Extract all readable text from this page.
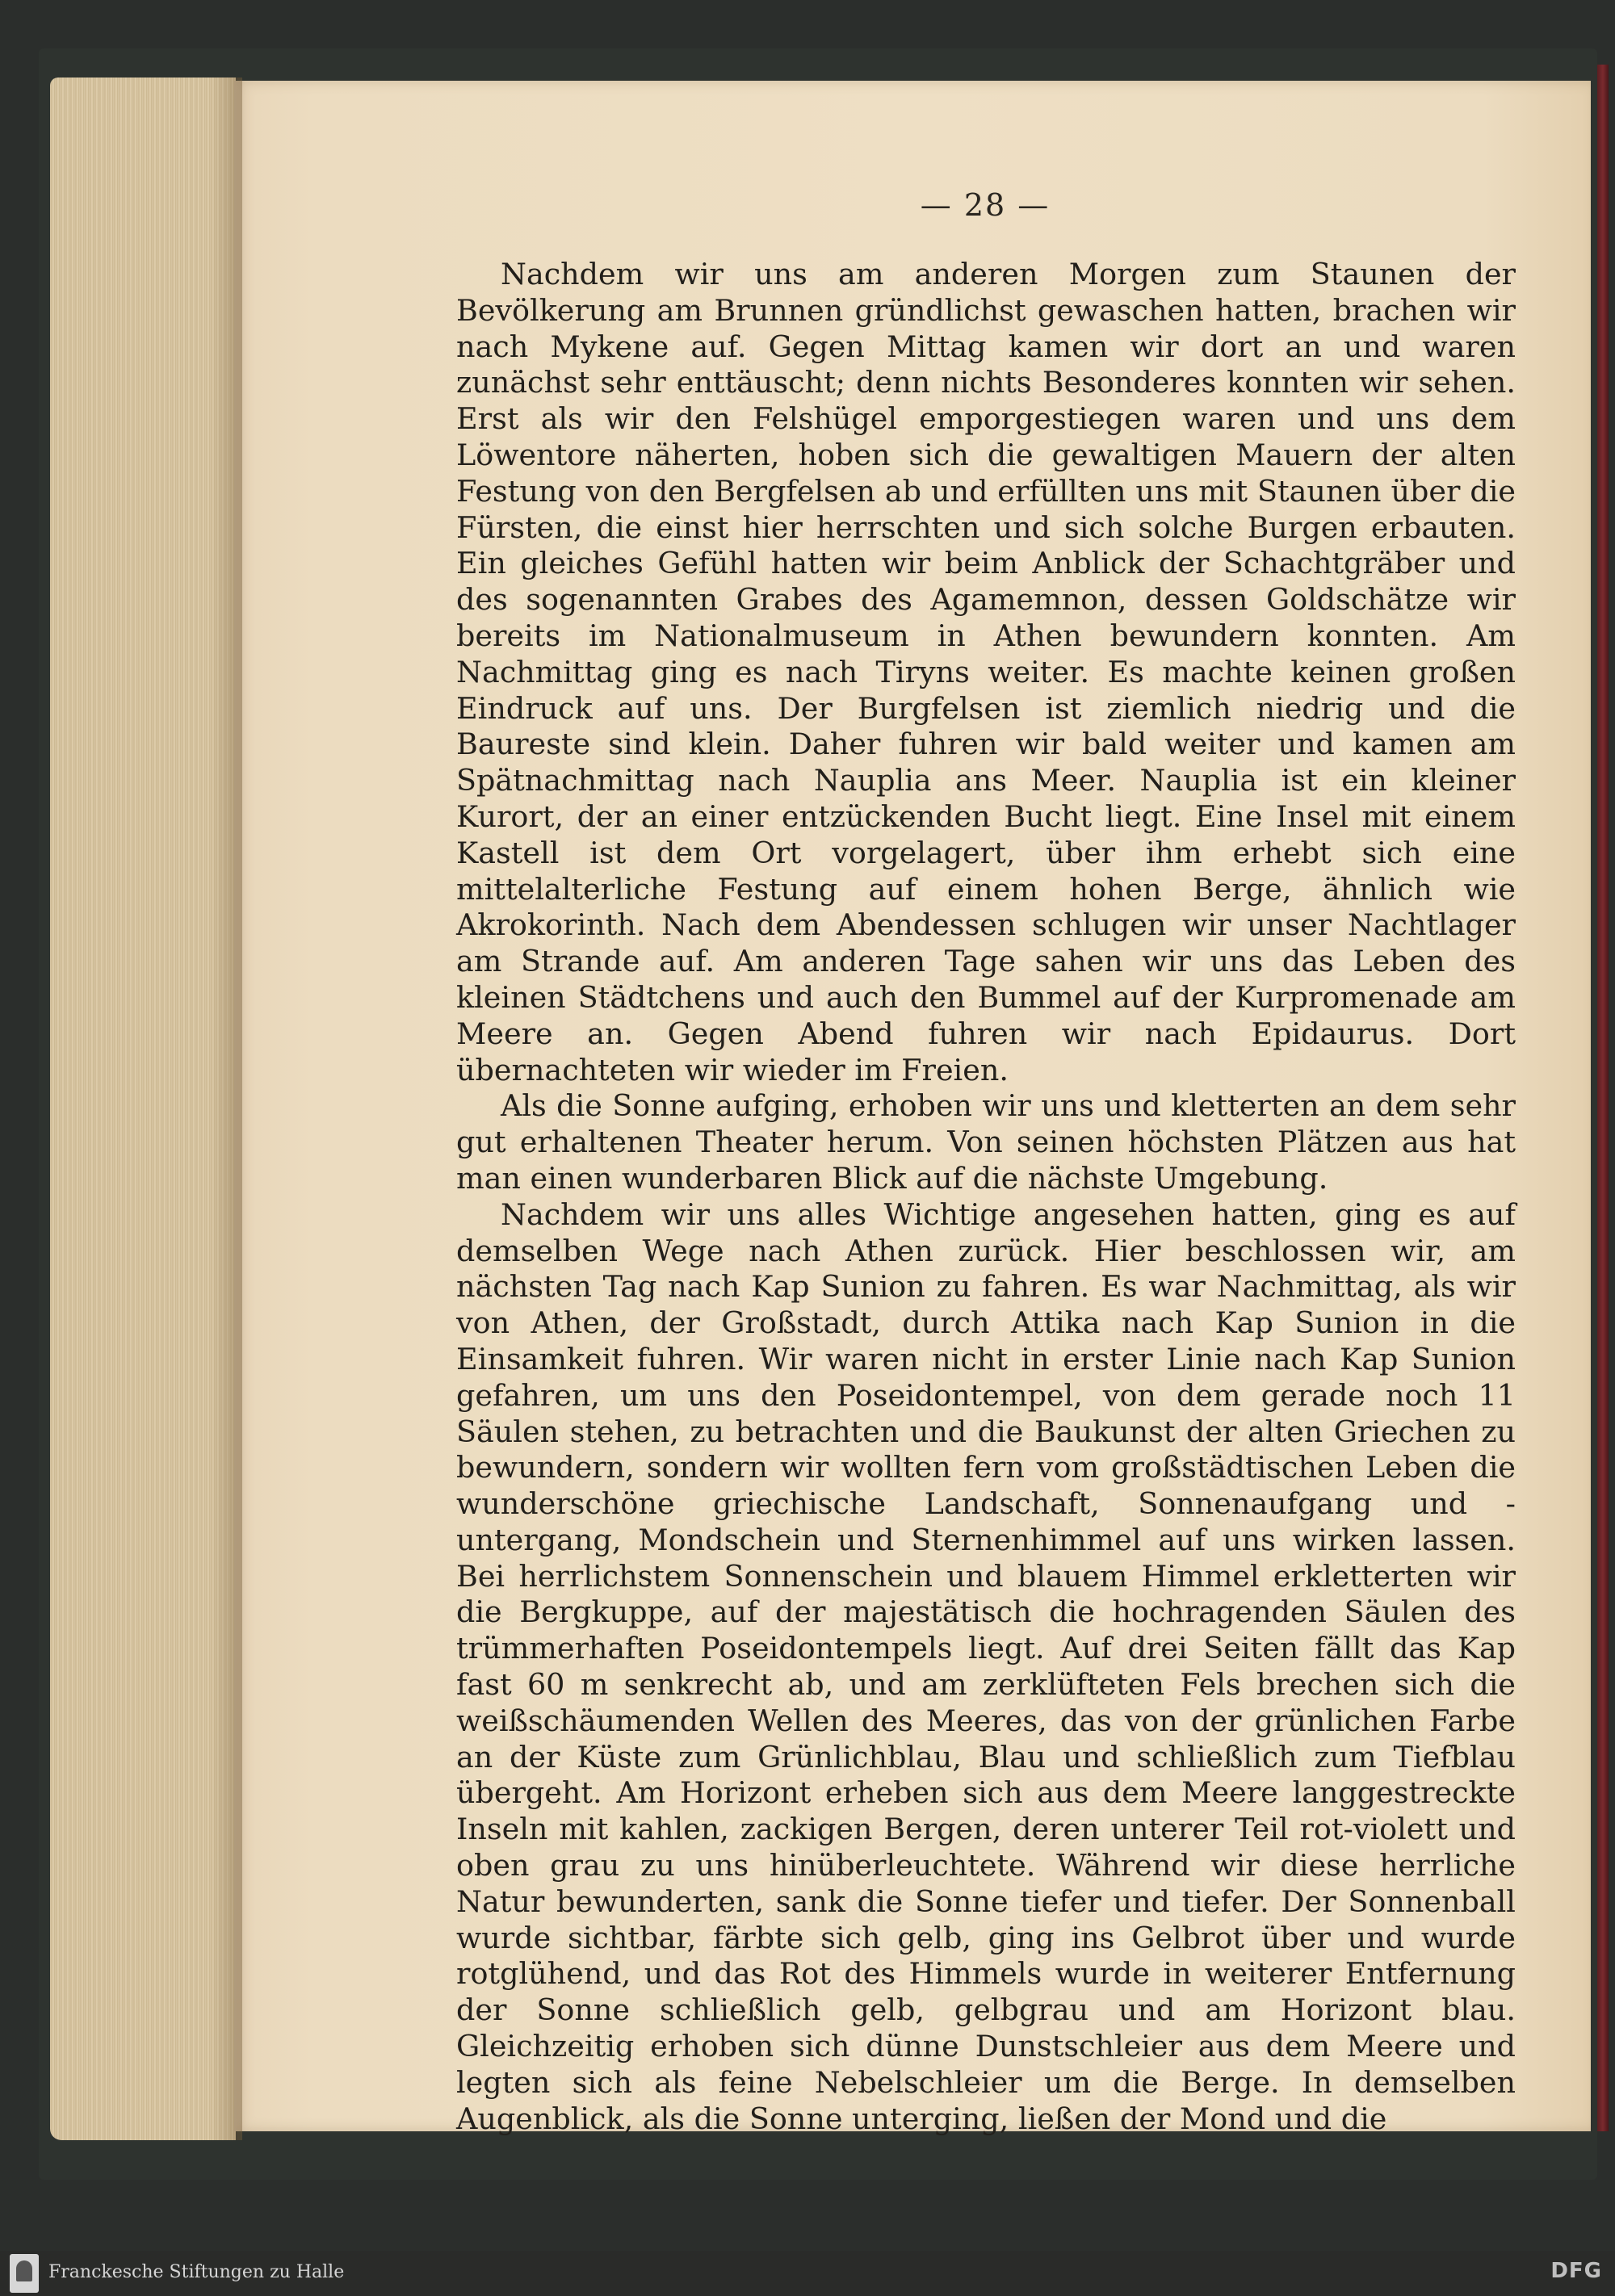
— 28 —

Nachdem wir uns am anderen Morgen zum Staunen der Bevölkerung am Brunnen gründlichst gewaschen hatten, brachen wir nach Mykene auf. Gegen Mittag kamen wir dort an und waren zunächst sehr enttäuscht; denn nichts Besonderes konnten wir sehen. Erst als wir den Felshügel emporgestiegen waren und uns dem Löwentore näherten, hoben sich die gewaltigen Mauern der alten Festung von den Bergfelsen ab und erfüllten uns mit Staunen über die Fürsten, die einst hier herrschten und sich solche Burgen erbauten. Ein gleiches Gefühl hatten wir beim Anblick der Schachtgräber und des sogenannten Grabes des Agamemnon, dessen Goldschätze wir bereits im Nationalmuseum in Athen bewundern konnten. Am Nachmittag ging es nach Tiryns weiter. Es machte keinen großen Eindruck auf uns. Der Burgfelsen ist ziemlich niedrig und die Baureste sind klein. Daher fuhren wir bald weiter und kamen am Spätnachmittag nach Nauplia ans Meer. Nauplia ist ein kleiner Kurort, der an einer entzückenden Bucht liegt. Eine Insel mit einem Kastell ist dem Ort vorgelagert, über ihm erhebt sich eine mittelalterliche Festung auf einem hohen Berge, ähnlich wie Akrokorinth. Nach dem Abendessen schlugen wir unser Nachtlager am Strande auf. Am anderen Tage sahen wir uns das Leben des kleinen Städtchens und auch den Bummel auf der Kurpromenade am Meere an. Gegen Abend fuhren wir nach Epidaurus. Dort übernachteten wir wieder im Freien.

Als die Sonne aufging, erhoben wir uns und kletterten an dem sehr gut erhaltenen Theater herum. Von seinen höchsten Plätzen aus hat man einen wunderbaren Blick auf die nächste Umgebung.

Nachdem wir uns alles Wichtige angesehen hatten, ging es auf demselben Wege nach Athen zurück. Hier beschlossen wir, am nächsten Tag nach Kap Sunion zu fahren. Es war Nachmittag, als wir von Athen, der Großstadt, durch Attika nach Kap Sunion in die Einsamkeit fuhren. Wir waren nicht in erster Linie nach Kap Sunion gefahren, um uns den Poseidontempel, von dem gerade noch 11 Säulen stehen, zu betrachten und die Baukunst der alten Griechen zu bewundern, sondern wir wollten fern vom großstädtischen Leben die wunderschöne griechische Landschaft, Sonnenaufgang und -untergang, Mondschein und Sternenhimmel auf uns wirken lassen. Bei herrlichstem Sonnenschein und blauem Himmel erkletterten wir die Bergkuppe, auf der majestätisch die hochragenden Säulen des trümmerhaften Poseidontempels liegt. Auf drei Seiten fällt das Kap fast 60 m senkrecht ab, und am zerklüfteten Fels brechen sich die weißschäumenden Wellen des Meeres, das von der grünlichen Farbe an der Küste zum Grünlichblau, Blau und schließlich zum Tiefblau übergeht. Am Horizont erheben sich aus dem Meere langgestreckte Inseln mit kahlen, zackigen Bergen, deren unterer Teil rot-violett und oben grau zu uns hinüberleuchtete. Während wir diese herrliche Natur bewunderten, sank die Sonne tiefer und tiefer. Der Sonnenball wurde sichtbar, färbte sich gelb, ging ins Gelbrot über und wurde rotglühend, und das Rot des Himmels wurde in weiterer Entfernung der Sonne schließlich gelb, gelbgrau und am Horizont blau. Gleichzeitig erhoben sich dünne Dunstschleier aus dem Meere und legten sich als feine Nebelschleier um die Berge. In demselben Augenblick, als die Sonne unterging, ließen der Mond und die

Franckesche Stiftungen zu Halle	DFG
